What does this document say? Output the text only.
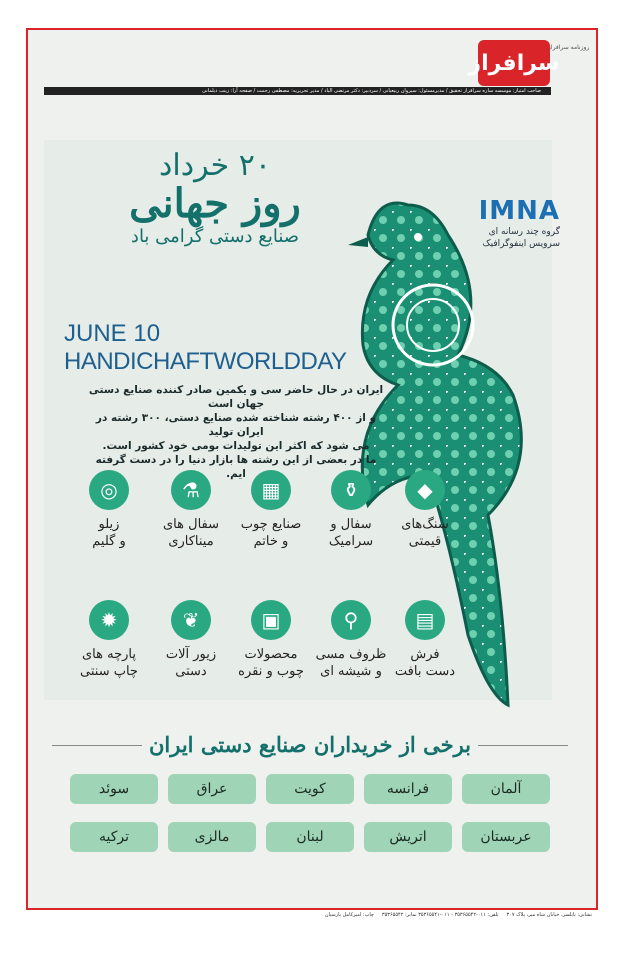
سرافراز
روزنامه سرافراز
صاحب امتیاز: موسسه ساره سرافراز تحقیق / مدیرمسئول: سیروان ربیعیانی / سردبیر: دکتر مرتضی الیاد / مدیر تحریریه: مصطفی رحمت / صفحه آرا: زینب دیلمانی
IMNA
گروه چند رسانه ای
سرویس اینفوگرافیک
۲۰ خرداد
روز جهانی
صنایع دستی گرامی باد
JUNE 10
HANDICHAFTWORLDDAY
ایران در حال حاضر سی و یکمین صادر کننده صنایع دستی جهان است
و از ۴۰۰ رشته شناخته شده صنایع دستی، ۳۰۰ رشته در ایران تولید
می شود که اکثر این تولیدات بومی خود کشور است.
ما در بعضی از این رشته ها بازار دنیا را در دست گرفته ایم.
◆
سنگ‌های
قیمتی
⚱
سفال و
سرامیک
▦
صنایع چوب
و خاتم
⚗
سفال های
میناکاری
◎
زیلو
و گلیم
▤
فرش
دست بافت
⚲
ظروف مسی
و شیشه ای
▣
محصولات
چوب و نقره
❦
زیور آلات
دستی
✹
پارچه های
چاپ سنتی
برخی از خریداران صنایع دستی ایران
آلمان
فرانسه
کویت
عراق
سوئد
عربستان
اتریش
لبنان
مالزی
ترکیه
نشانی: بابلسر، خیابان شاه میر، پلاک ۳۰۷     تلفن: ۰۱۱-۳۵۳۶۵۵۴۲ - ۰۱۱-۳۵۳۶۵۵۴۱ نمابر: ۳۵۳۶۵۵۴۲     چاپ: امیرکامل پارسیان
